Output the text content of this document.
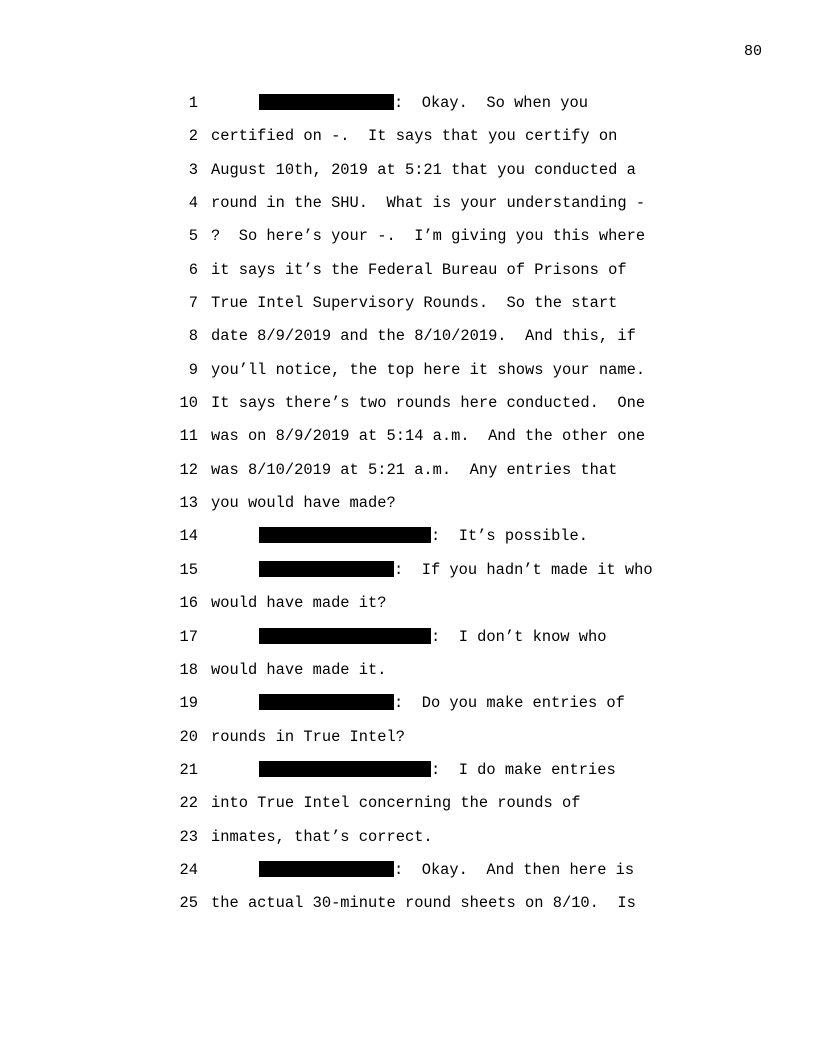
80
1	:  Okay.  So when you
2 certified on -.  It says that you certify on
3 August 10th, 2019 at 5:21 that you conducted a
4 round in the SHU.  What is your understanding -
5 ?  So here’s your -.  I’m giving you this where
6 it says it’s the Federal Bureau of Prisons of
7 True Intel Supervisory Rounds.  So the start
8 date 8/9/2019 and the 8/10/2019.  And this, if
9 you’ll notice, the top here it shows your name.
10 It says there’s two rounds here conducted.  One
11 was on 8/9/2019 at 5:14 a.m.  And the other one
12 was 8/10/2019 at 5:21 a.m.  Any entries that
13 you would have made?
14	:  It’s possible.
15	:  If you hadn’t made it who
16 would have made it?
17	:  I don’t know who
18 would have made it.
19	:  Do you make entries of
20 rounds in True Intel?
21	:  I do make entries
22 into True Intel concerning the rounds of
23 inmates, that’s correct.
24	:  Okay.  And then here is
25 the actual 30-minute round sheets on 8/10.  Is
